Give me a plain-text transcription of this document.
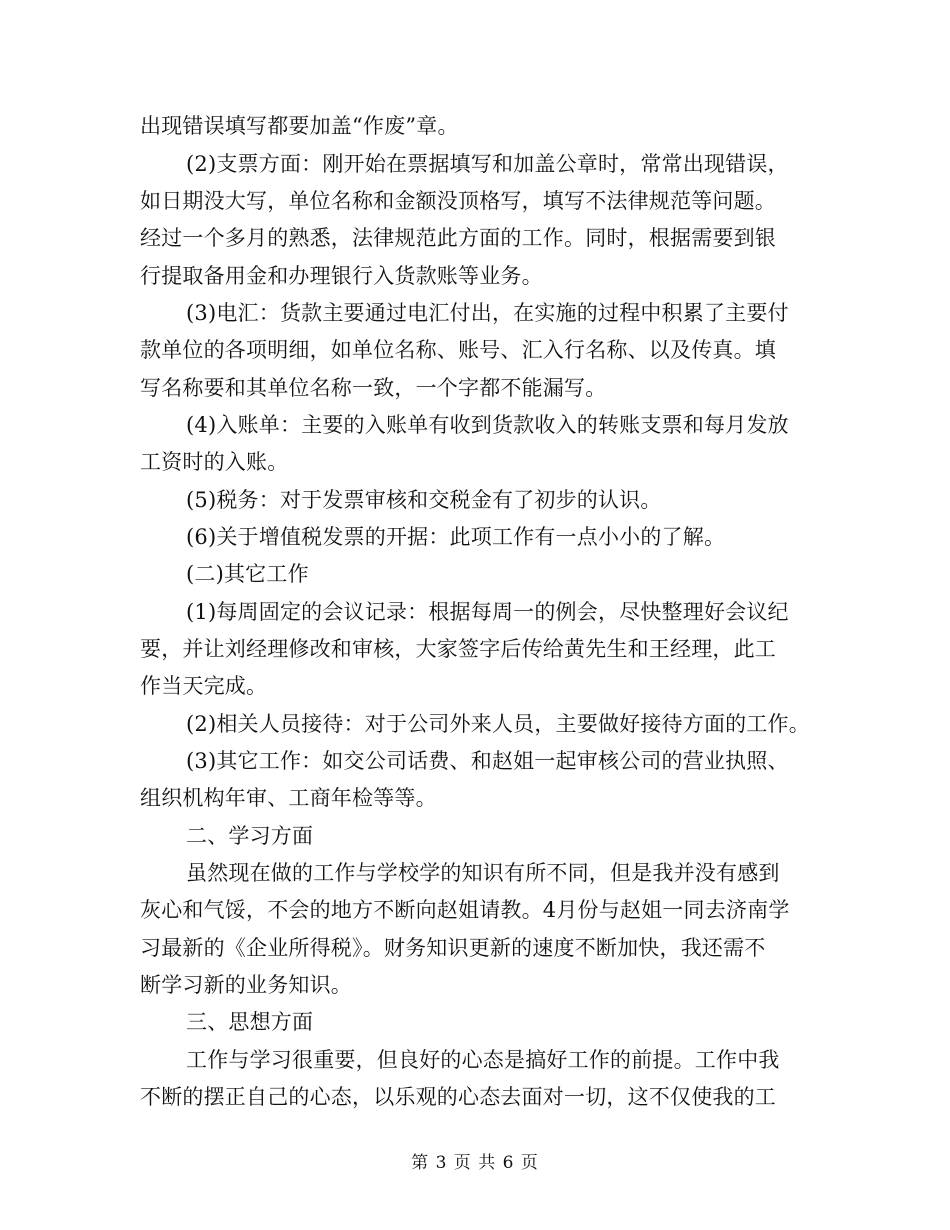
出现错误填写都要加盖“作废”章。
(2)支票方面：刚开始在票据填写和加盖公章时，常常出现错误，
如日期没大写，单位名称和金额没顶格写，填写不法律规范等问题。
经过一个多月的熟悉，法律规范此方面的工作。同时，根据需要到银
行提取备用金和办理银行入货款账等业务。
(3)电汇：货款主要通过电汇付出，在实施的过程中积累了主要付
款单位的各项明细，如单位名称、账号、汇入行名称、以及传真。填
写名称要和其单位名称一致，一个字都不能漏写。
(4)入账单：主要的入账单有收到货款收入的转账支票和每月发放
工资时的入账。
(5)税务：对于发票审核和交税金有了初步的认识。
(6)关于增值税发票的开据：此项工作有一点小小的了解。
(二)其它工作
(1)每周固定的会议记录：根据每周一的例会，尽快整理好会议纪
要，并让刘经理修改和审核，大家签字后传给黄先生和王经理，此工
作当天完成。
(2)相关人员接待：对于公司外来人员，主要做好接待方面的工作。
(3)其它工作：如交公司话费、和赵姐一起审核公司的营业执照、
组织机构年审、工商年检等等。
二、学习方面
虽然现在做的工作与学校学的知识有所不同，但是我并没有感到
灰心和气馁，不会的地方不断向赵姐请教。4月份与赵姐一同去济南学
习最新的《企业所得税》。财务知识更新的速度不断加快，我还需不
断学习新的业务知识。
三、思想方面
工作与学习很重要，但良好的心态是搞好工作的前提。工作中我
不断的摆正自己的心态，以乐观的心态去面对一切，这不仅使我的工
第 3 页 共 6 页
